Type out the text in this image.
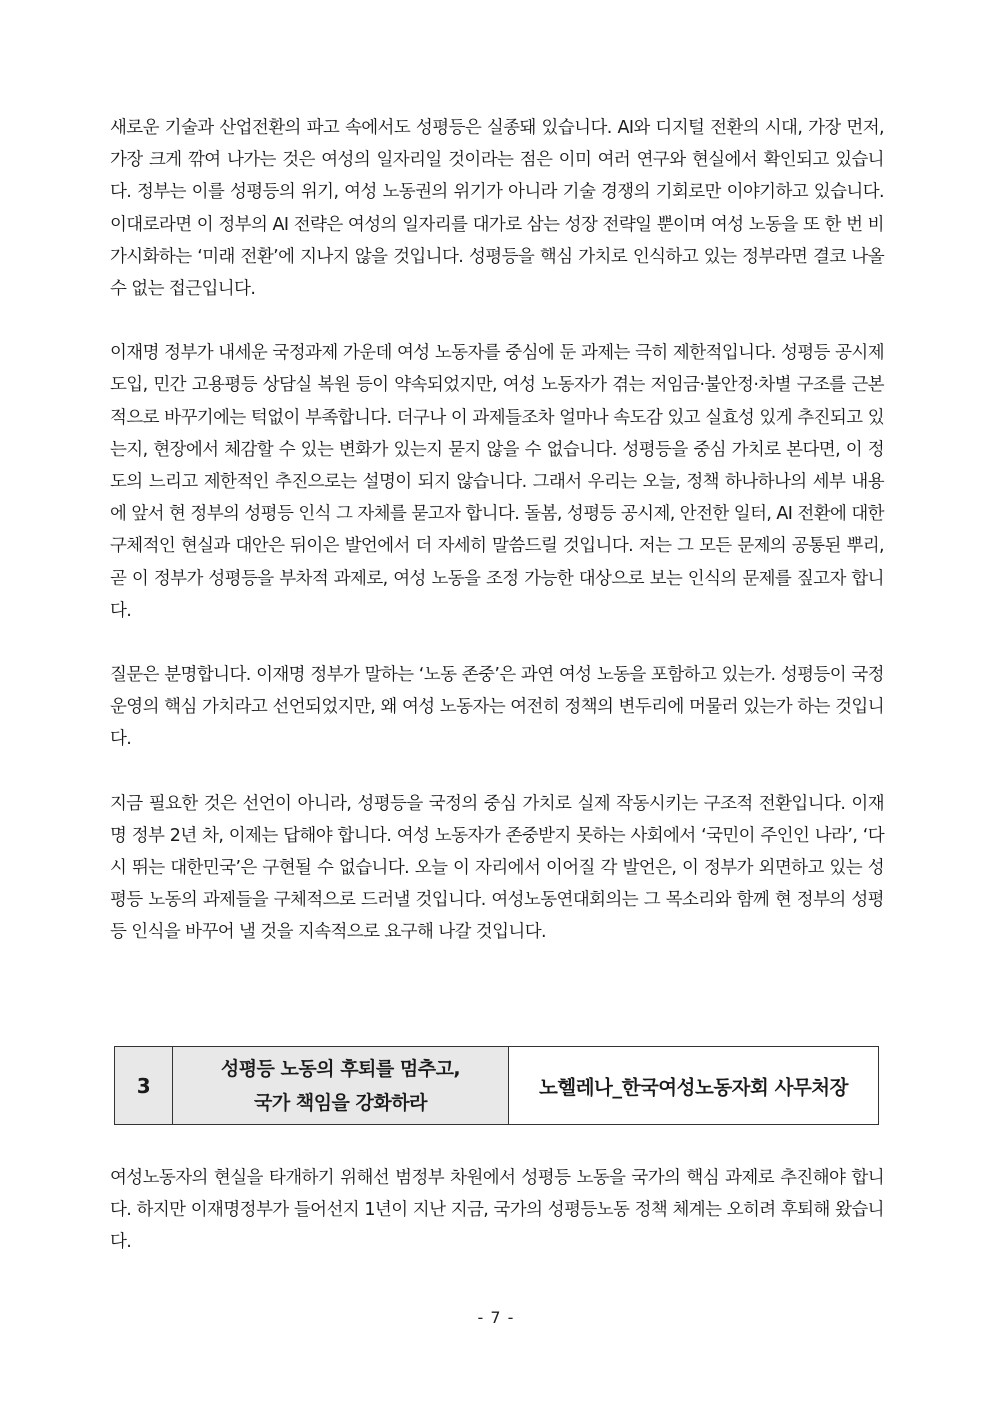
새로운 기술과 산업전환의 파고 속에서도 성평등은 실종돼 있습니다. AI와 디지털 전환의 시대, 가장 먼저, 가장 크게 깎여 나가는 것은 여성의 일자리일 것이라는 점은 이미 여러 연구와 현실에서 확인되고 있습니다. 정부는 이를 성평등의 위기, 여성 노동권의 위기가 아니라 기술 경쟁의 기회로만 이야기하고 있습니다. 이대로라면 이 정부의 AI 전략은 여성의 일자리를 대가로 삼는 성장 전략일 뿐이며 여성 노동을 또 한 번 비가시화하는 ‘미래 전환’에 지나지 않을 것입니다. 성평등을 핵심 가치로 인식하고 있는 정부라면 결코 나올 수 없는 접근입니다.

이재명 정부가 내세운 국정과제 가운데 여성 노동자를 중심에 둔 과제는 극히 제한적입니다. 성평등 공시제 도입, 민간 고용평등 상담실 복원 등이 약속되었지만, 여성 노동자가 겪는 저임금·불안정·차별 구조를 근본적으로 바꾸기에는 턱없이 부족합니다. 더구나 이 과제들조차 얼마나 속도감 있고 실효성 있게 추진되고 있는지, 현장에서 체감할 수 있는 변화가 있는지 묻지 않을 수 없습니다. 성평등을 중심 가치로 본다면, 이 정도의 느리고 제한적인 추진으로는 설명이 되지 않습니다. 그래서 우리는 오늘, 정책 하나하나의 세부 내용에 앞서 현 정부의 성평등 인식 그 자체를 묻고자 합니다. 돌봄, 성평등 공시제, 안전한 일터, AI 전환에 대한 구체적인 현실과 대안은 뒤이은 발언에서 더 자세히 말씀드릴 것입니다. 저는 그 모든 문제의 공통된 뿌리, 곧 이 정부가 성평등을 부차적 과제로, 여성 노동을 조정 가능한 대상으로 보는 인식의 문제를 짚고자 합니다.

질문은 분명합니다. 이재명 정부가 말하는 ‘노동 존중’은 과연 여성 노동을 포함하고 있는가. 성평등이 국정운영의 핵심 가치라고 선언되었지만, 왜 여성 노동자는 여전히 정책의 변두리에 머물러 있는가 하는 것입니다.

지금 필요한 것은 선언이 아니라, 성평등을 국정의 중심 가치로 실제 작동시키는 구조적 전환입니다. 이재명 정부 2년 차, 이제는 답해야 합니다. 여성 노동자가 존중받지 못하는 사회에서 ‘국민이 주인인 나라’, ‘다시 뛰는 대한민국’은 구현될 수 없습니다. 오늘 이 자리에서 이어질 각 발언은, 이 정부가 외면하고 있는 성평등 노동의 과제들을 구체적으로 드러낼 것입니다. 여성노동연대회의는 그 목소리와 함께 현 정부의 성평등 인식을 바꾸어 낼 것을 지속적으로 요구해 나갈 것입니다.

3
성평등 노동의 후퇴를 멈추고,
국가 책임을 강화하라
노헬레나_한국여성노동자회 사무처장

여성노동자의 현실을 타개하기 위해선 범정부 차원에서 성평등 노동을 국가의 핵심 과제로 추진해야 합니다. 하지만 이재명정부가 들어선지 1년이 지난 지금, 국가의 성평등노동 정책 체계는 오히려 후퇴해 왔습니다.

- 7 -
